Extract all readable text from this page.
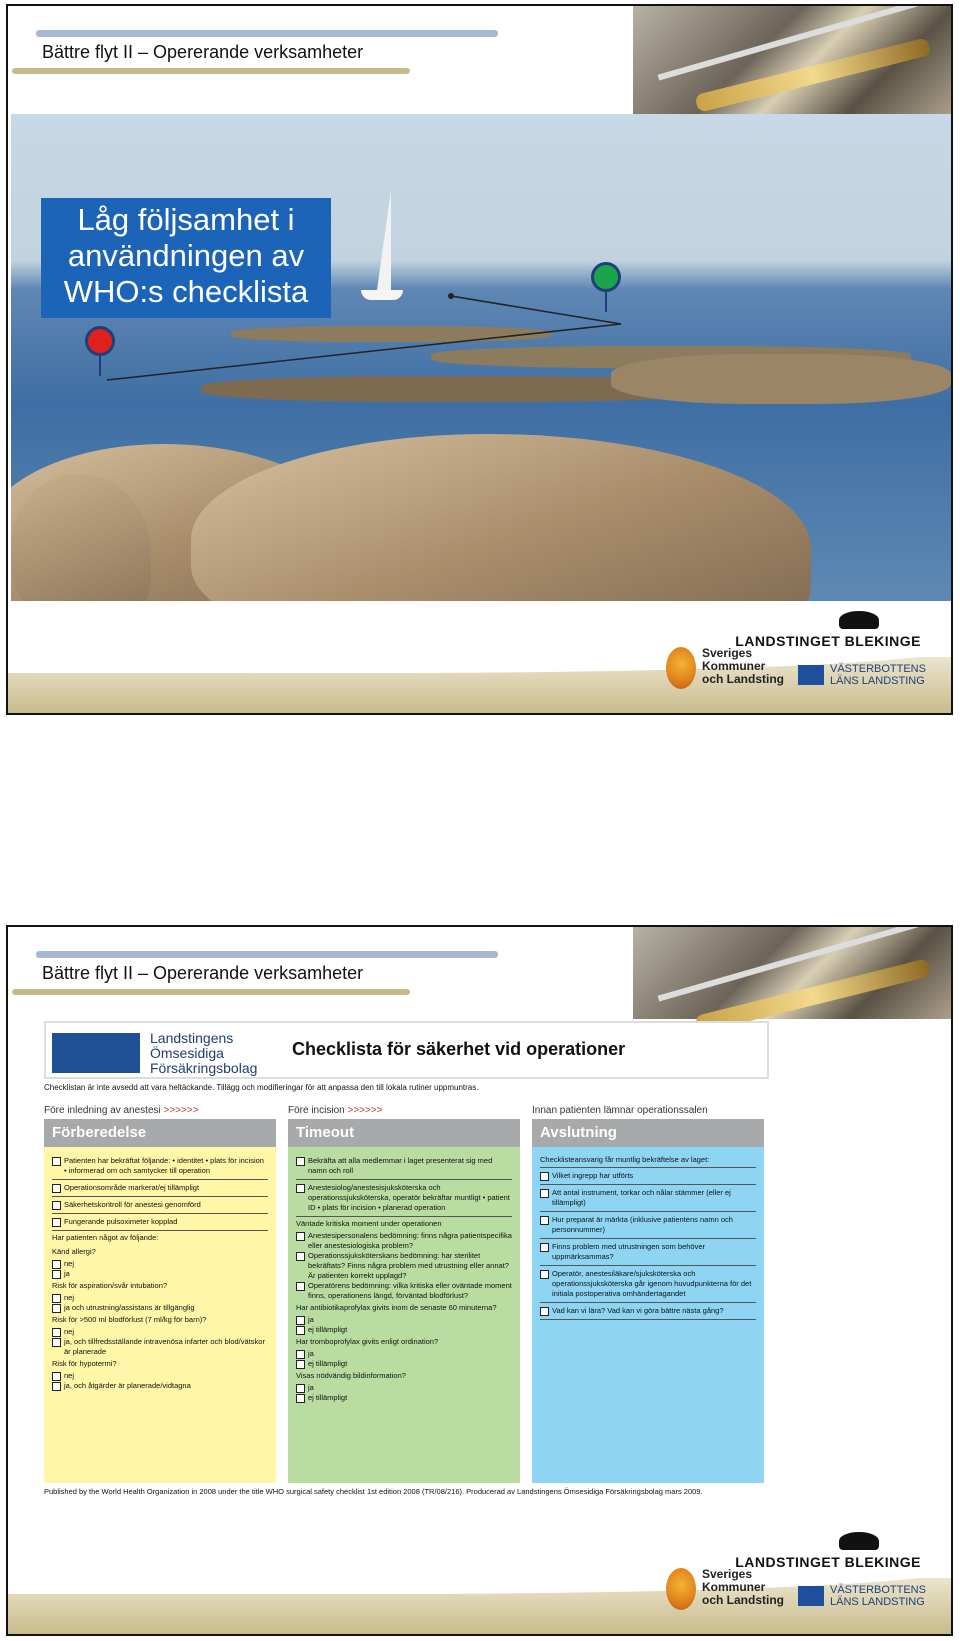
Bättre flyt II – Opererande verksamheter
Låg följsamhet i
användningen av
WHO:s checklista
LANDSTINGET BLEKINGE
Sveriges
Kommuner
och Landsting
VÄSTERBOTTENS
LÄNS LANDSTING
Bättre flyt II – Opererande verksamheter
Landstingens
Ömsesidiga
Försäkringsbolag
Checklista för säkerhet vid operationer
Checklistan är inte avsedd att vara heltäckande. Tillägg och modifieringar för att anpassa den till lokala rutiner uppmuntras.
Före inledning av anestesi >>>>>>	Före incision >>>>>>	Innan patienten lämnar operationssalen
Förberedelse
Patienten har bekräftat följande: • identitet • plats för incision • informerad om och samtycker till operation
Operationsområde markerat/ej tillämpligt
Säkerhetskontroll för anestesi genomförd
Fungerande pulsoximeter kopplad
Har patienten något av följande:
Känd allergi?
nej
ja
Risk för aspiration/svår intubation?
nej
ja och utrustning/assistans är tillgänglig
Risk för >500 ml blodförlust (7 ml/kg för barn)?
nej
ja, och tillfredsställande intravenösa infarter och blod/vätskor är planerade
Risk för hypotermi?
nej
ja, och åtgärder är planerade/vidtagna
Timeout
Bekräfta att alla medlemmar i laget presenterat sig med namn och roll
Anestesiolog/anestesisjuksköterska och operationssjuksköterska, operatör bekräftar muntligt • patient ID • plats för incision • planerad operation
Väntade kritiska moment under operationen
Anestesipersonalens bedömning: finns några patientspecifika eller anestesiologiska problem?
Operationssjuksköterskans bedömning: har sterilitet bekräftats? Finns några problem med utrustning eller annat? Är patienten korrekt upplagd?
Operatörens bedömning: vilka kritiska eller oväntade moment finns, operationens längd, förväntad blodförlust?
Har antibiotikaprofylax givits inom de senaste 60 minuterna?
ja
ej tillämpligt
Har tromboprofylax givits enligt ordination?
ja
ej tillämpligt
Visas nödvändig bildinformation?
ja
ej tillämpligt
Avslutning
Checklisteansvarig får muntlig bekräftelse av laget:
Vilket ingrepp har utförts
Att antal instrument, torkar och nålar stämmer (eller ej tillämpligt)
Hur preparat är märkta (inklusive patientens namn och personnummer)
Finns problem med utrustningen som behöver uppmärksammas?
Operatör, anestesiläkare/sjuksköterska och operationssjuksköterska går igenom huvudpunkterna för det initiala postoperativa omhändertagandet
Vad kan vi lära? Vad kan vi göra bättre nästa gång?
Published by the World Health Organization in 2008 under the title WHO surgical safety checklist 1st edition 2008 (TR/08/216). Producerad av Landstingens Ömsesidiga Försäkringsbolag mars 2009.
LANDSTINGET BLEKINGE
Sveriges
Kommuner
och Landsting
VÄSTERBOTTENS
LÄNS LANDSTING
